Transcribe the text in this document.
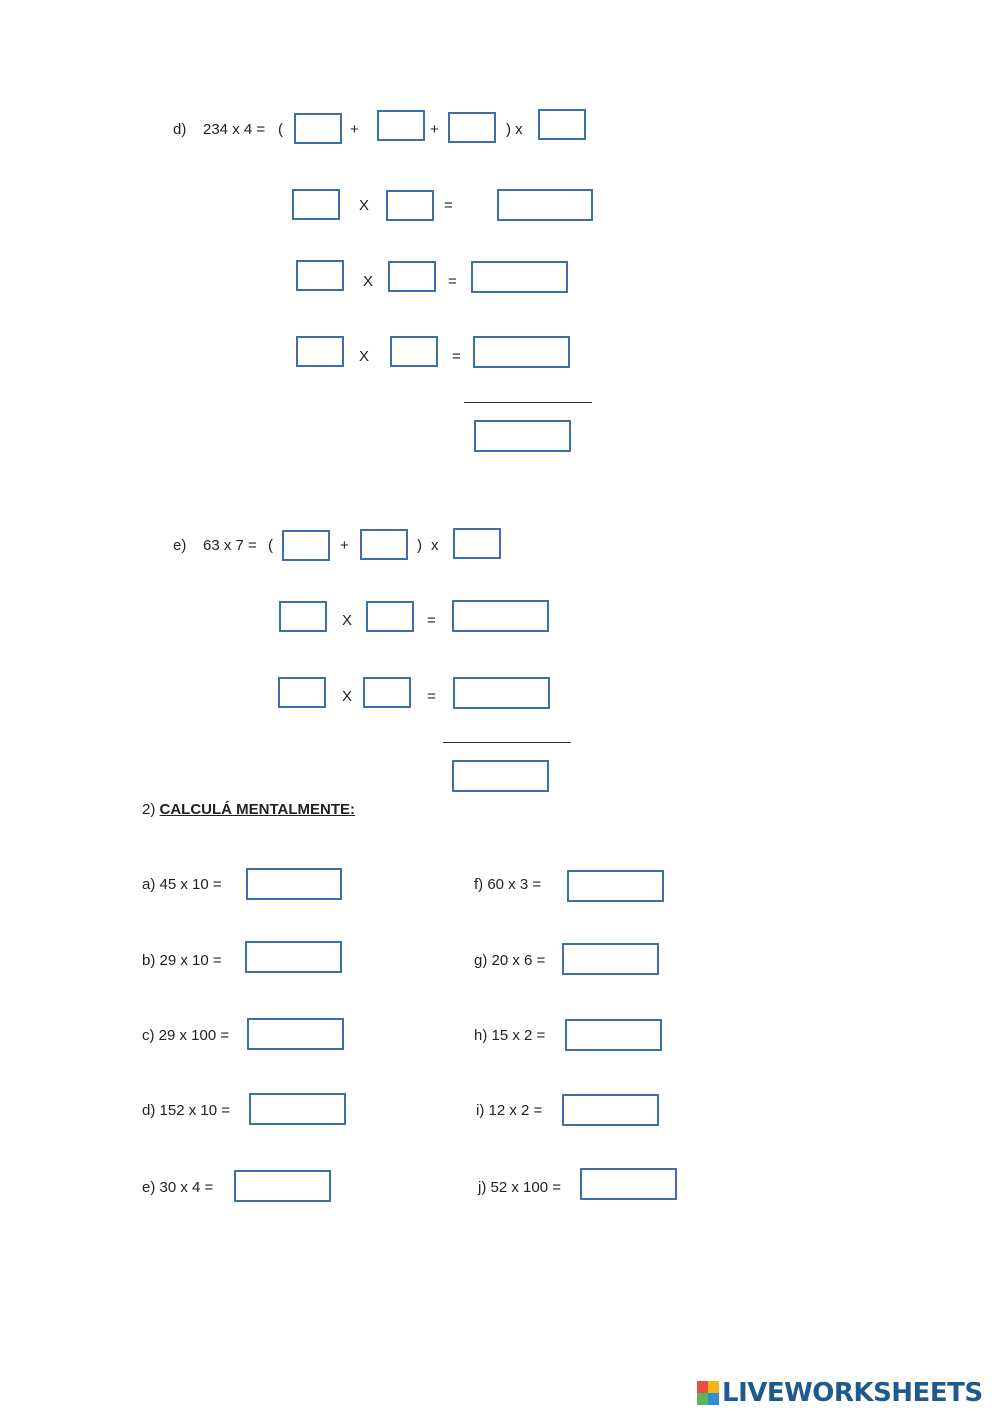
d) 234 x 4 = (	+	+	) x
X	=
X	=
X	=
e) 63 x 7 = (	+	) x
X	=
X	=
2) CALCULÁ MENTALMENTE:
a) 45 x 10 =
b) 29 x 10 =
c) 29 x 100 =
d) 152 x 10 =
e) 30 x 4 =
f) 60 x 3 =
g) 20 x 6 =
h) 15 x 2 =
i) 12 x 2 =
j) 52 x 100 =
LIVEWORKSHEETS
